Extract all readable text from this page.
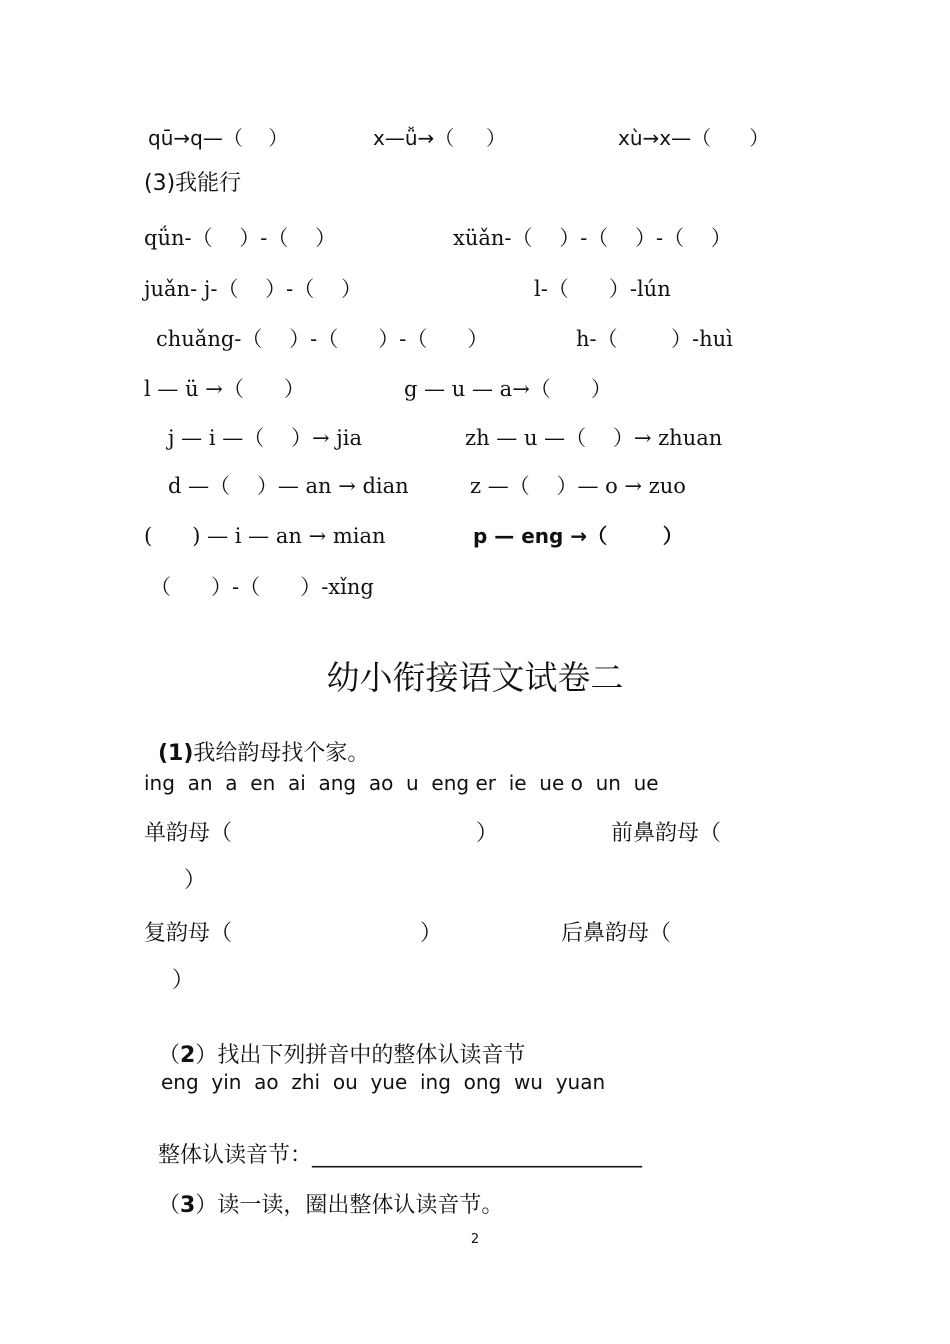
qū→q—（    ）	x—ǚ→（     ）	xù→x—（      ）
(3)我能行
qǘn-（    ）-（    ）	xüǎn-（    ）-（    ）-（    ）
juǎn- j-（    ）-（    ）	l-（      ）-lún
chuǎng-（    ）-（      ）-（      ）	h-（        ）-huì
l — ü →（      ）	g — u — a→（      ）
j — i —（    ）→ jia	zh — u —（    ）→ zhuan
d —（    ）— an → dian	z —（    ）— o → zuo
(      ) — i — an → mian	p — eng →（        ）
（      ）-（      ）-xǐng
幼小衔接语文试卷二

(1)我给韵母找个家。

ing  an  a  en  ai  ang  ao  u  eng er  ie  ue o  un  ue
单韵母（	）	前鼻韵母（
）
复韵母（	）	后鼻韵母（
）

（2）找出下列拼音中的整体认读音节

eng  yin  ao  zhi  ou  yue  ing  ong  wu  yuan

整体认读音节：______________________________

（3）读一读，圈出整体认读音节。

2
